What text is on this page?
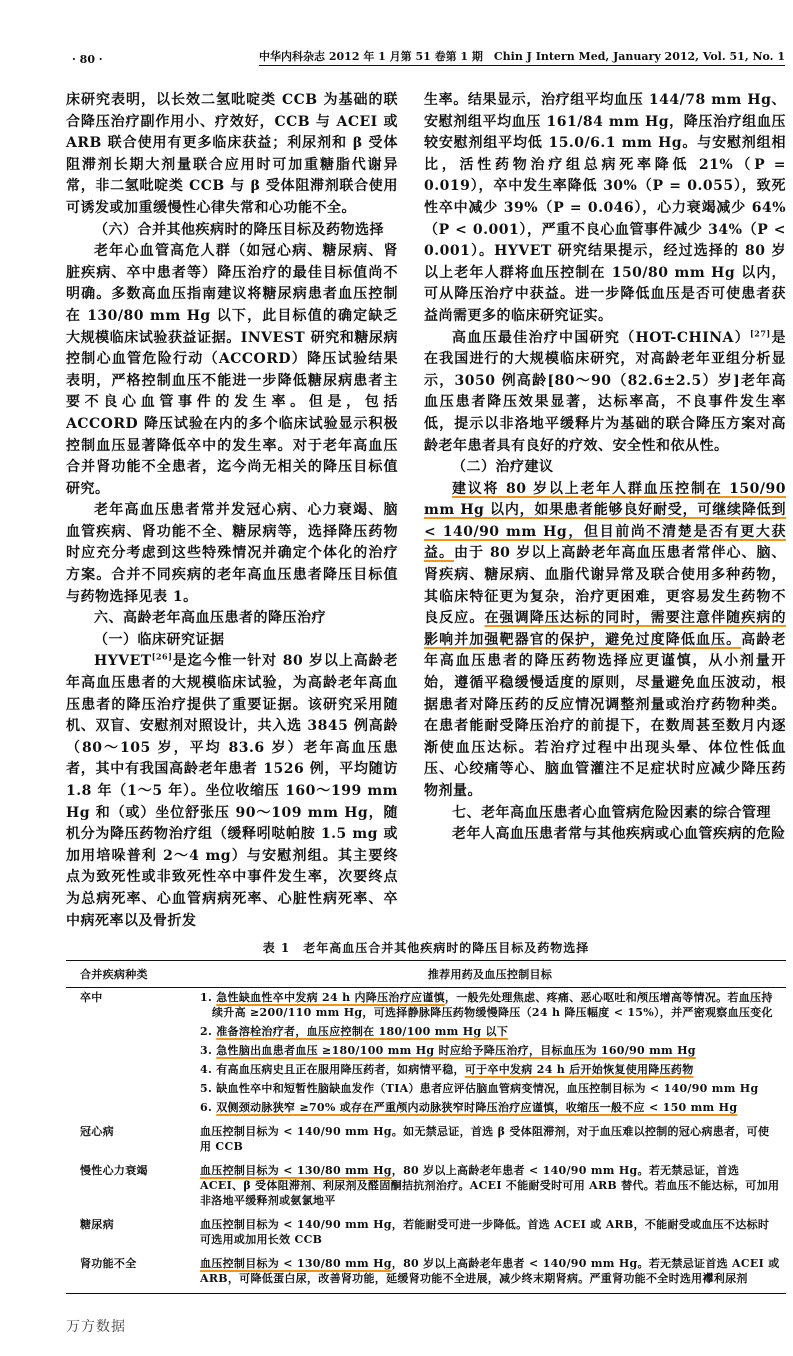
· 80 ·	中华内科杂志 2012 年 1 月第 51 卷第 1 期　Chin J Intern Med, January 2012, Vol. 51, No. 1

床研究表明，以长效二氢吡啶类 CCB 为基础的联合降压治疗副作用小、疗效好，CCB 与 ACEI 或 ARB 联合使用有更多临床获益；利尿剂和 β 受体阻滞剂长期大剂量联合应用时可加重糖脂代谢异常，非二氢吡啶类 CCB 与 β 受体阻滞剂联合使用可诱发或加重缓慢性心律失常和心功能不全。

（六）合并其他疾病时的降压目标及药物选择

老年心血管高危人群（如冠心病、糖尿病、肾脏疾病、卒中患者等）降压治疗的最佳目标值尚不明确。多数高血压指南建议将糖尿病患者血压控制在 130/80 mm Hg 以下，此目标值的确定缺乏大规模临床试验获益证据。INVEST 研究和糖尿病控制心血管危险行动（ACCORD）降压试验结果表明，严格控制血压不能进一步降低糖尿病患者主要不良心血管事件的发生率。但是，包括 ACCORD 降压试验在内的多个临床试验显示积极控制血压显著降低卒中的发生率。对于老年高血压合并肾功能不全患者，迄今尚无相关的降压目标值研究。

老年高血压患者常并发冠心病、心力衰竭、脑血管疾病、肾功能不全、糖尿病等，选择降压药物时应充分考虑到这些特殊情况并确定个体化的治疗方案。合并不同疾病的老年高血压患者降压目标值与药物选择见表 1。

六、高龄老年高血压患者的降压治疗

（一）临床研究证据

HYVET[26]是迄今惟一针对 80 岁以上高龄老年高血压患者的大规模临床试验，为高龄老年高血压患者的降压治疗提供了重要证据。该研究采用随机、双盲、安慰剂对照设计，共入选 3845 例高龄（80～105 岁，平均 83.6 岁）老年高血压患者，其中有我国高龄老年患者 1526 例，平均随访 1.8 年（1～5 年）。坐位收缩压 160～199 mm Hg 和（或）坐位舒张压 90～109 mm Hg，随机分为降压药物治疗组（缓释吲哒帕胺 1.5 mg 或加用培哚普利 2～4 mg）与安慰剂组。其主要终点为致死性或非致死性卒中事件发生率，次要终点为总病死率、心血管病病死率、心脏性病死率、卒中病死率以及骨折发

生率。结果显示，治疗组平均血压 144/78 mm Hg、安慰剂组平均血压 161/84 mm Hg，降压治疗组血压较安慰剂组平均低 15.0/6.1 mm Hg。与安慰剂组相比，活性药物治疗组总病死率降低 21%（P = 0.019），卒中发生率降低 30%（P = 0.055），致死性卒中减少 39%（P = 0.046），心力衰竭减少 64%（P < 0.001），严重不良心血管事件减少 34%（P < 0.001）。HYVET 研究结果提示，经过选择的 80 岁以上老年人群将血压控制在 150/80 mm Hg 以内，可从降压治疗中获益。进一步降低血压是否可使患者获益尚需更多的临床研究证实。

高血压最佳治疗中国研究（HOT-CHINA）[27]是在我国进行的大规模临床研究，对高龄老年亚组分析显示，3050 例高龄[80～90（82.6±2.5）岁]老年高血压患者降压效果显著，达标率高，不良事件发生率低，提示以非洛地平缓释片为基础的联合降压方案对高龄老年患者具有良好的疗效、安全性和依从性。

（二）治疗建议

建议将 80 岁以上老年人群血压控制在 150/90 mm Hg 以内，如果患者能够良好耐受，可继续降低到 < 140/90 mm Hg，但目前尚不清楚是否有更大获益。由于 80 岁以上高龄老年高血压患者常伴心、脑、肾疾病、糖尿病、血脂代谢异常及联合使用多种药物，其临床特征更为复杂，治疗更困难，更容易发生药物不良反应。在强调降压达标的同时，需要注意伴随疾病的影响并加强靶器官的保护，避免过度降低血压。高龄老年高血压患者的降压药物选择应更谨慎，从小剂量开始，遵循平稳缓慢适度的原则，尽量避免血压波动，根据患者对降压药的反应情况调整剂量或治疗药物种类。在患者能耐受降压治疗的前提下，在数周甚至数月内逐渐使血压达标。若治疗过程中出现头晕、体位性低血压、心绞痛等心、脑血管灌注不足症状时应减少降压药物剂量。

七、老年高血压患者心血管病危险因素的综合管理

老年人高血压患者常与其他疾病或心血管疾病的危险

表 1　老年高血压合并其他疾病时的降压目标及药物选择
合并疾病种类	推荐用药及血压控制目标
卒中	1. 急性缺血性卒中发病 24 h 内降压治疗应谨慎，一般先处理焦虑、疼痛、恶心呕吐和颅压增高等情况。若血压持续升高 ≥200/110 mm Hg，可选择静脉降压药物缓慢降压（24 h 降压幅度 < 15%），并严密观察血压变化
2. 准备溶栓治疗者，血压应控制在 180/100 mm Hg 以下
3. 急性脑出血患者血压 ≥180/100 mm Hg 时应给予降压治疗，目标血压为 160/90 mm Hg
4. 有高血压病史且正在服用降压药者，如病情平稳，可于卒中发病 24 h 后开始恢复使用降压药物
5. 缺血性卒中和短暂性脑缺血发作（TIA）患者应评估脑血管病变情况，血压控制目标为 < 140/90 mm Hg
6. 双侧颈动脉狭窄 ≥70% 或存在严重颅内动脉狭窄时降压治疗应谨慎，收缩压一般不应 < 150 mm Hg
冠心病	血压控制目标为 < 140/90 mm Hg。如无禁忌证，首选 β 受体阻滞剂，对于血压难以控制的冠心病患者，可使用 CCB
慢性心力衰竭	血压控制目标为 < 130/80 mm Hg，80 岁以上高龄老年患者 < 140/90 mm Hg。若无禁忌证，首选 ACEI、β 受体阻滞剂、利尿剂及醛固酮拮抗剂治疗。ACEI 不能耐受时可用 ARB 替代。若血压不能达标，可加用非洛地平缓释剂或氨氯地平
糖尿病	血压控制目标为 < 140/90 mm Hg，若能耐受可进一步降低。首选 ACEI 或 ARB，不能耐受或血压不达标时可选用或加用长效 CCB
肾功能不全	血压控制目标为 < 130/80 mm Hg，80 岁以上高龄老年患者 < 140/90 mm Hg。若无禁忌证首选 ACEI 或 ARB，可降低蛋白尿，改善肾功能，延缓肾功能不全进展，减少终末期肾病。严重肾功能不全时选用襻利尿剂
万方数据
